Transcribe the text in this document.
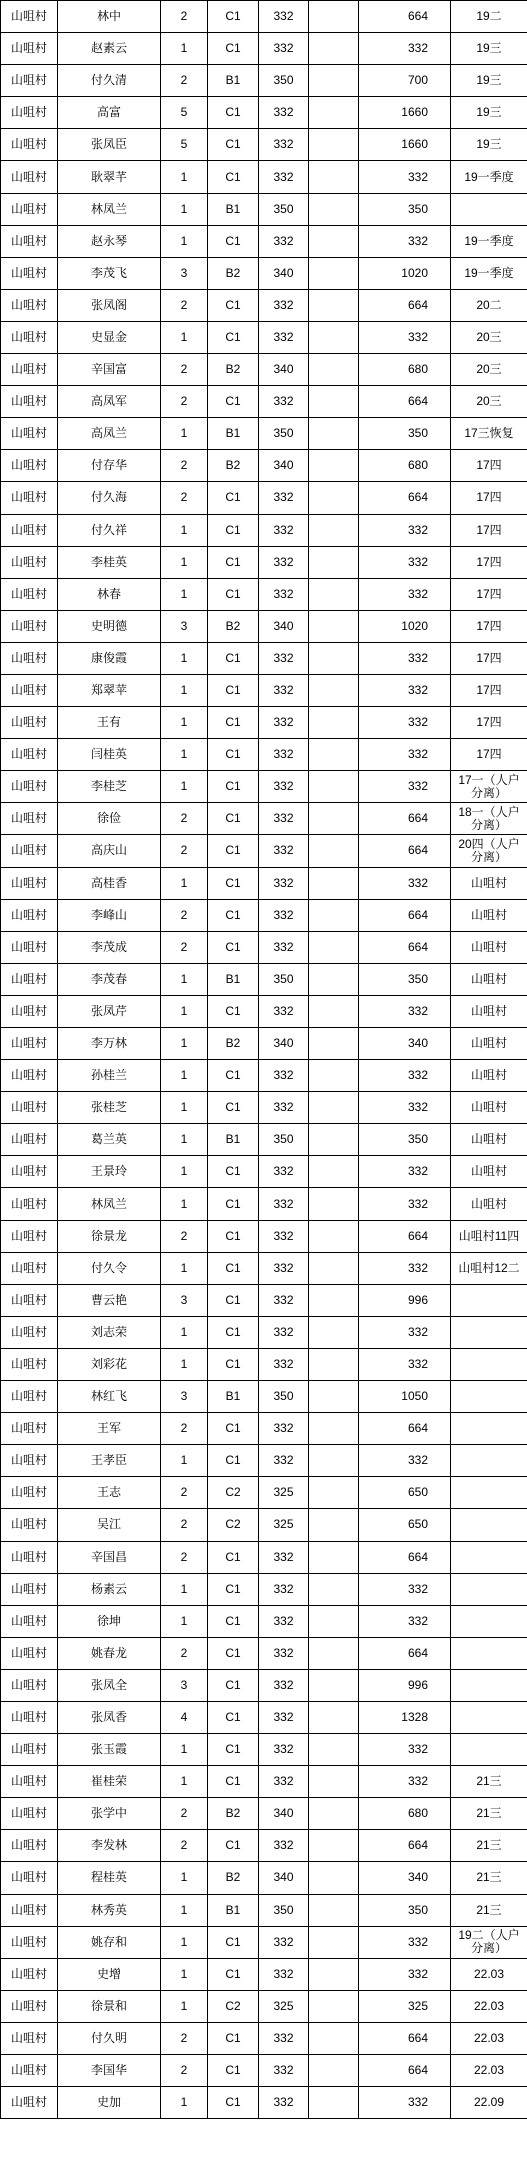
山咀村	林中	2	C1	332		664	19二
山咀村	赵素云	1	C1	332		332	19三
山咀村	付久清	2	B1	350		700	19三
山咀村	高富	5	C1	332		1660	19三
山咀村	张凤臣	5	C1	332		1660	19三
山咀村	耿翠芊	1	C1	332		332	19一季度
山咀村	林凤兰	1	B1	350		350	
山咀村	赵永琴	1	C1	332		332	19一季度
山咀村	李茂飞	3	B2	340		1020	19一季度
山咀村	张凤阁	2	C1	332		664	20二
山咀村	史显金	1	C1	332		332	20三
山咀村	辛国富	2	B2	340		680	20三
山咀村	高凤军	2	C1	332		664	20三
山咀村	高凤兰	1	B1	350		350	17三恢复
山咀村	付存华	2	B2	340		680	17四
山咀村	付久海	2	C1	332		664	17四
山咀村	付久祥	1	C1	332		332	17四
山咀村	李桂英	1	C1	332		332	17四
山咀村	林春	1	C1	332		332	17四
山咀村	史明德	3	B2	340		1020	17四
山咀村	康俊霞	1	C1	332		332	17四
山咀村	郑翠苹	1	C1	332		332	17四
山咀村	王有	1	C1	332		332	17四
山咀村	闫桂英	1	C1	332		332	17四
山咀村	李桂芝	1	C1	332		332	17一（人户分离）
山咀村	徐俭	2	C1	332		664	18一（人户分离）
山咀村	高庆山	2	C1	332		664	20四（人户分离）
山咀村	高桂香	1	C1	332		332	山咀村
山咀村	李峰山	2	C1	332		664	山咀村
山咀村	李茂成	2	C1	332		664	山咀村
山咀村	李茂春	1	B1	350		350	山咀村
山咀村	张凤芹	1	C1	332		332	山咀村
山咀村	李万林	1	B2	340		340	山咀村
山咀村	孙桂兰	1	C1	332		332	山咀村
山咀村	张桂芝	1	C1	332		332	山咀村
山咀村	葛兰英	1	B1	350		350	山咀村
山咀村	王景玲	1	C1	332		332	山咀村
山咀村	林凤兰	1	C1	332		332	山咀村
山咀村	徐景龙	2	C1	332		664	山咀村11四
山咀村	付久令	1	C1	332		332	山咀村12二
山咀村	曹云艳	3	C1	332		996	
山咀村	刘志荣	1	C1	332		332	
山咀村	刘彩花	1	C1	332		332	
山咀村	林红飞	3	B1	350		1050	
山咀村	王军	2	C1	332		664	
山咀村	王孝臣	1	C1	332		332	
山咀村	王志	2	C2	325		650	
山咀村	吴江	2	C2	325		650	
山咀村	辛国昌	2	C1	332		664	
山咀村	杨素云	1	C1	332		332	
山咀村	徐坤	1	C1	332		332	
山咀村	姚春龙	2	C1	332		664	
山咀村	张凤全	3	C1	332		996	
山咀村	张凤香	4	C1	332		1328	
山咀村	张玉霞	1	C1	332		332	
山咀村	崔桂荣	1	C1	332		332	21三
山咀村	张学中	2	B2	340		680	21三
山咀村	李发林	2	C1	332		664	21三
山咀村	程桂英	1	B2	340		340	21三
山咀村	林秀英	1	B1	350		350	21三
山咀村	姚存和	1	C1	332		332	19二（人户分离）
山咀村	史增	1	C1	332		332	22.03
山咀村	徐景和	1	C2	325		325	22.03
山咀村	付久明	2	C1	332		664	22.03
山咀村	李国华	2	C1	332		664	22.03
山咀村	史加	1	C1	332		332	22.09
